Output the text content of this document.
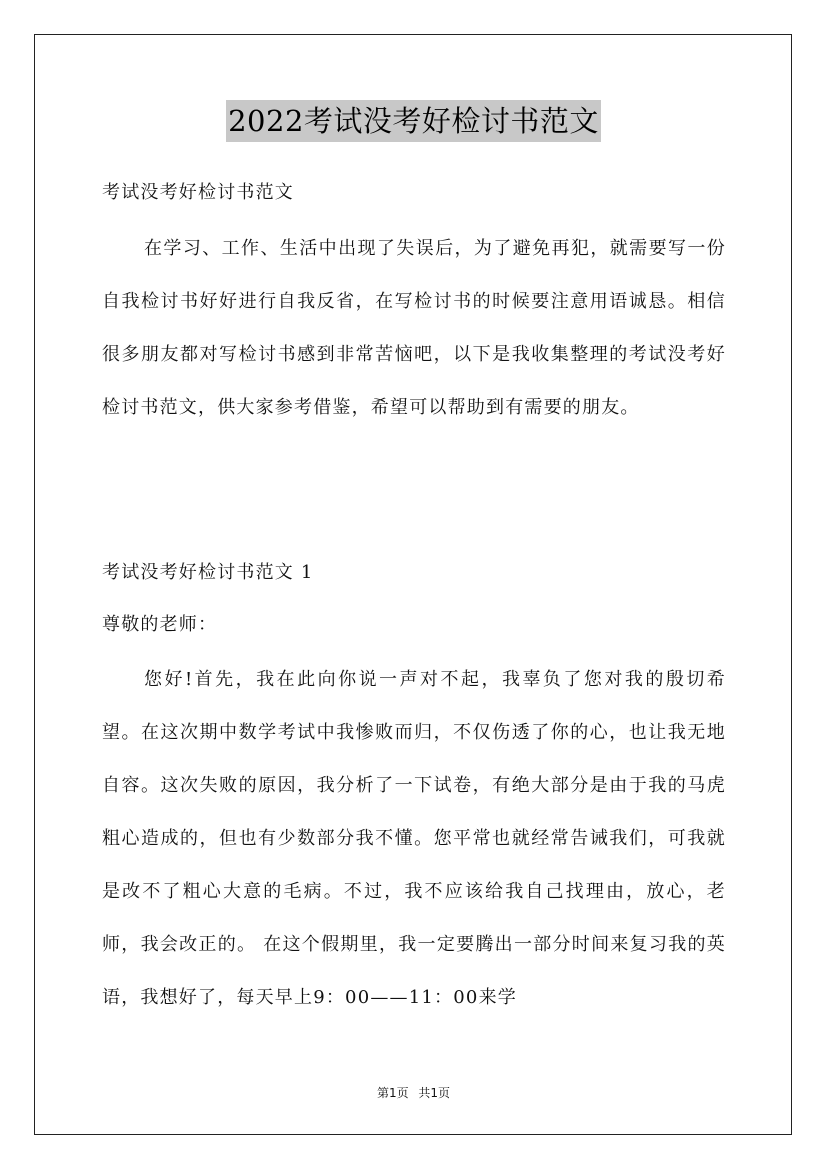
2022考试没考好检讨书范文
考试没考好检讨书范文
在学习、工作、生活中出现了失误后，为了避免再犯，就需要写一份自我检讨书好好进行自我反省，在写检讨书的时候要注意用语诚恳。相信很多朋友都对写检讨书感到非常苦恼吧，以下是我收集整理的考试没考好检讨书范文，供大家参考借鉴，希望可以帮助到有需要的朋友。
考试没考好检讨书范文 1
尊敬的老师：
您好!首先，我在此向你说一声对不起，我辜负了您对我的殷切希望。在这次期中数学考试中我惨败而归，不仅伤透了你的心，也让我无地自容。这次失败的原因，我分析了一下试卷，有绝大部分是由于我的马虎粗心造成的，但也有少数部分我不懂。您平常也就经常告诫我们，可我就是改不了粗心大意的毛病。不过，我不应该给我自己找理由，放心，老师，我会改正的。 在这个假期里，我一定要腾出一部分时间来复习我的英语，我想好了，每天早上9：00——11：00来学
第1页 共1页
